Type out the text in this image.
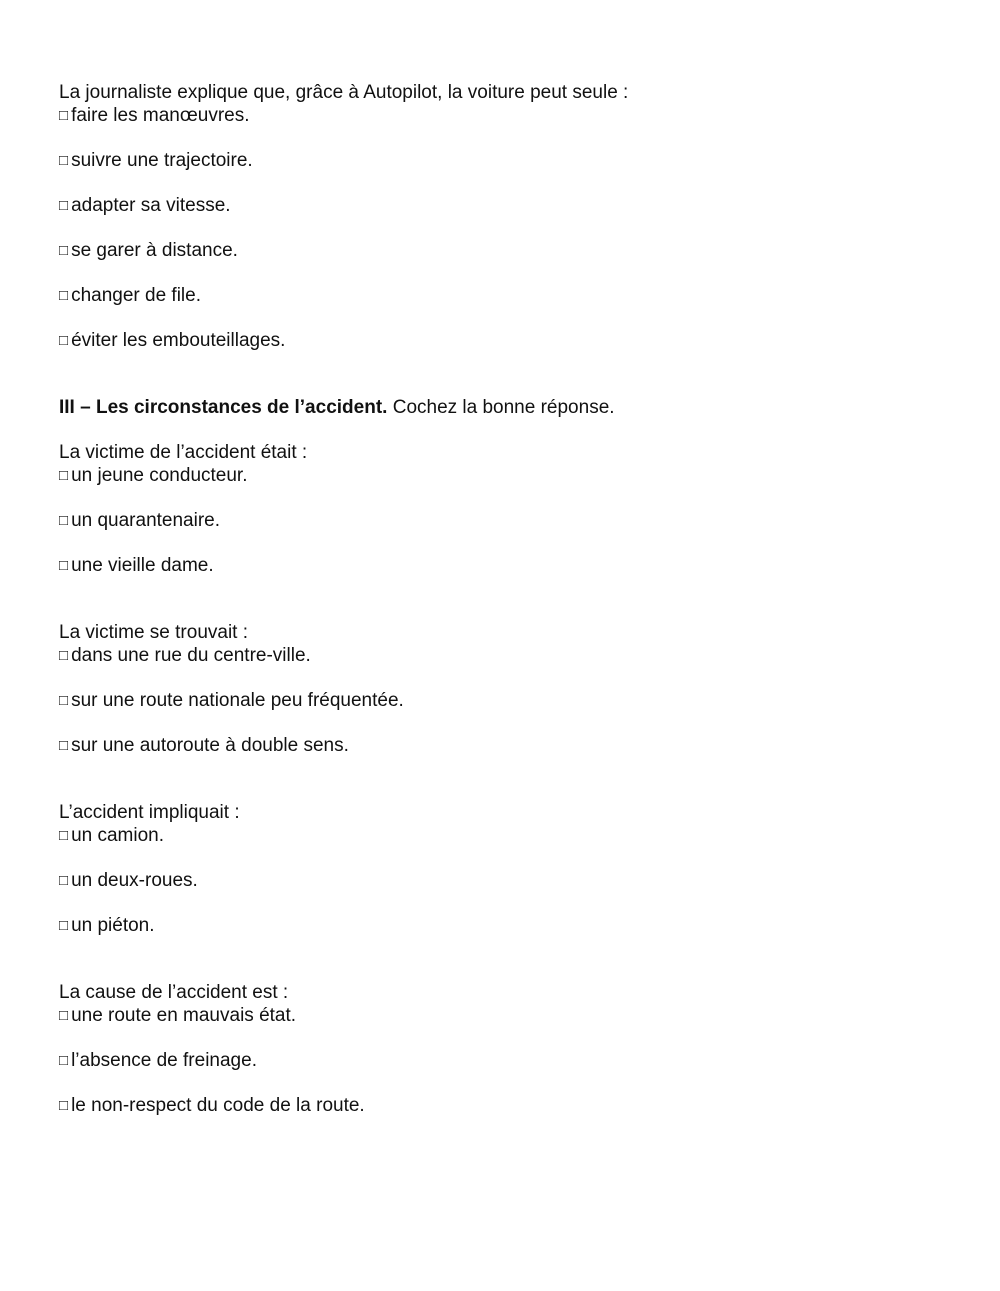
La journaliste explique que, grâce à Autopilot, la voiture peut seule :
□ faire les manœuvres.
□ suivre une trajectoire.
□ adapter sa vitesse.
□ se garer à distance.
□ changer de file.
□ éviter les embouteillages.
III – Les circonstances de l’accident. Cochez la bonne réponse.
La victime de l’accident était :
□ un jeune conducteur.
□ un quarantenaire.
□ une vieille dame.
La victime se trouvait :
□ dans une rue du centre-ville.
□ sur une route nationale peu fréquentée.
□ sur une autoroute à double sens.
L’accident impliquait :
□ un camion.
□ un deux-roues.
□ un piéton.
La cause de l’accident est :
□ une route en mauvais état.
□ l’absence de freinage.
□ le non-respect du code de la route.
